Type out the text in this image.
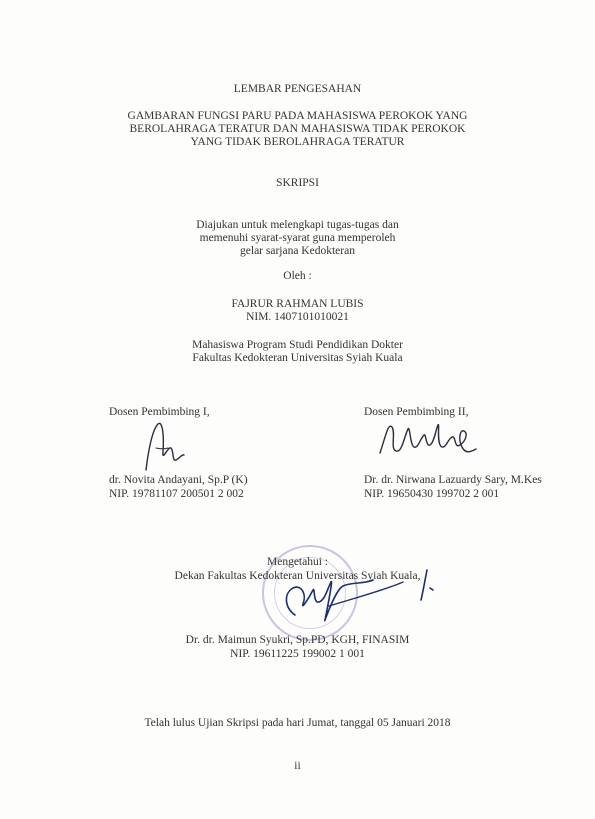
LEMBAR PENGESAHAN
GAMBARAN FUNGSI PARU PADA MAHASISWA PEROKOK YANG
BEROLAHRAGA TERATUR DAN MAHASISWA TIDAK PEROKOK
YANG TIDAK BEROLAHRAGA TERATUR
SKRIPSI
Diajukan untuk melengkapi tugas-tugas dan
memenuhi syarat-syarat guna memperoleh
gelar sarjana Kedokteran
Oleh :
FAJRUR RAHMAN LUBIS
NIM. 1407101010021
Mahasiswa Program Studi Pendidikan Dokter
Fakultas Kedokteran Universitas Syiah Kuala
Dosen Pembimbing I,	Dosen Pembimbing II,
dr. Novita Andayani, Sp.P (K)
NIP. 19781107 200501 2 002
Dr. dr. Nirwana Lazuardy Sary, M.Kes
NIP. 19650430 199702 2 001
Mengetahui :
Dekan Fakultas Kedokteran Universitas Syiah Kuala,
Dr. dr. Maimun Syukri, Sp.PD, KGH, FINASIM
NIP. 19611225 199002 1 001
Telah lulus Ujian Skripsi pada hari Jumat, tanggal 05 Januari 2018
ii
